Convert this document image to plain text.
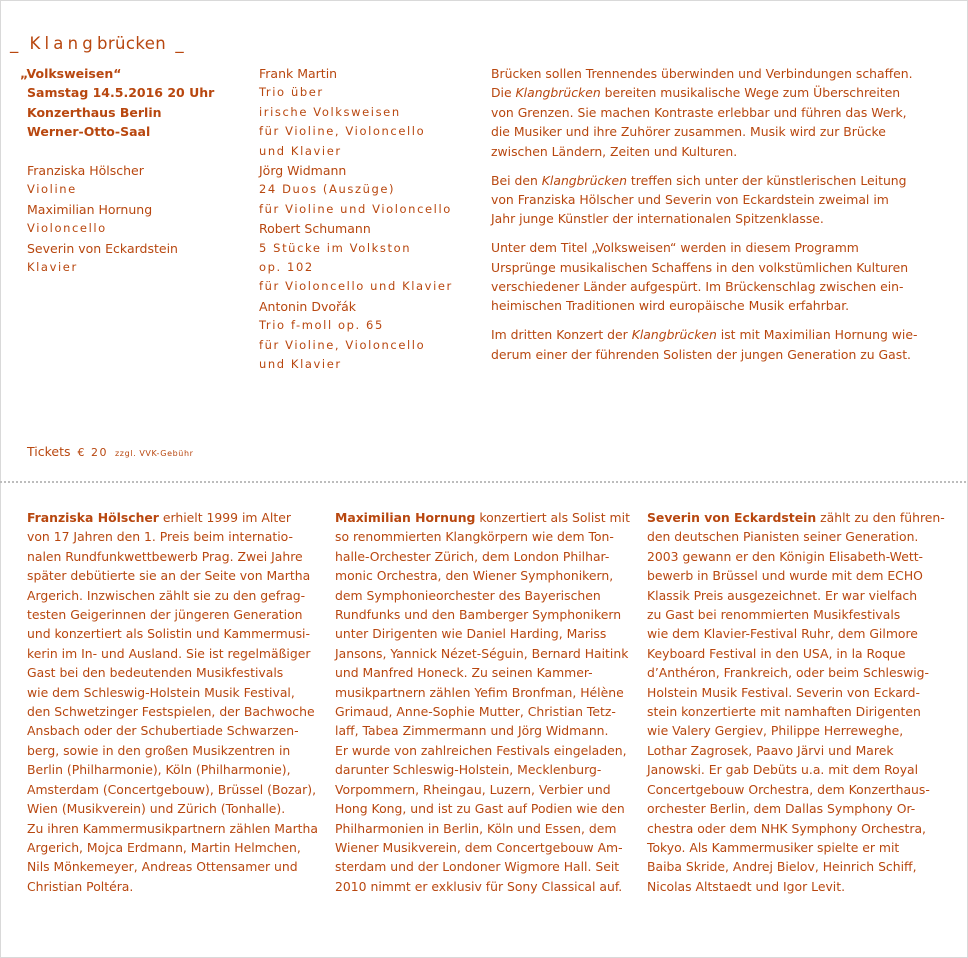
_ Klangbrücken _
„Volksweisen“
Samstag 14.5.2016 20 Uhr
Konzerthaus Berlin
Werner-Otto-Saal
Franziska Hölscher
Violine
Maximilian Hornung
Violoncello
Severin von Eckardstein
Klavier
Frank Martin
Trio über
irische Volksweisen
für Violine, Violoncello
und Klavier
Jörg Widmann
24 Duos (Auszüge)
für Violine und Violoncello
Robert Schumann
5 Stücke im Volkston
op. 102
für Violoncello und Klavier
Antonin Dvořák
Trio f-moll op. 65
für Violine, Violoncello
und Klavier
Brücken sollen Trennendes überwinden und Verbindungen schaffen.
Die Klangbrücken bereiten musikalische Wege zum Überschreiten
von Grenzen. Sie machen Kontraste erlebbar und führen das Werk,
die Musiker und ihre Zuhörer zusammen. Musik wird zur Brücke
zwischen Ländern, Zeiten und Kulturen.
Bei den Klangbrücken treffen sich unter der künstlerischen Leitung
von Franziska Hölscher und Severin von Eckardstein zweimal im
Jahr junge Künstler der internationalen Spitzenklasse.
Unter dem Titel „Volksweisen“ werden in diesem Programm
Ursprünge musikalischen Schaffens in den volkstümlichen Kulturen
verschiedener Länder aufgespürt. Im Brückenschlag zwischen ein-
heimischen Traditionen wird europäische Musik erfahrbar.
Im dritten Konzert der Klangbrücken ist mit Maximilian Hornung wie-
derum einer der führenden Solisten der jungen Generation zu Gast.
Tickets € 20 zzgl. VVK-Gebühr
Franziska Hölscher erhielt 1999 im Alter
von 17 Jahren den 1. Preis beim internatio-
nalen Rundfunkwettbewerb Prag. Zwei Jahre
später debütierte sie an der Seite von Martha
Argerich. Inzwischen zählt sie zu den gefrag-
testen Geigerinnen der jüngeren Generation
und konzertiert als Solistin und Kammermusi-
kerin im In- und Ausland. Sie ist regelmäßiger
Gast bei den bedeutenden Musikfestivals
wie dem Schleswig-Holstein Musik Festival,
den Schwetzinger Festspielen, der Bachwoche
Ansbach oder der Schubertiade Schwarzen-
berg, sowie in den großen Musikzentren in
Berlin (Philharmonie), Köln (Philharmonie),
Amsterdam (Concertgebouw), Brüssel (Bozar),
Wien (Musikverein) und Zürich (Tonhalle).
Zu ihren Kammermusikpartnern zählen Martha
Argerich, Mojca Erdmann, Martin Helmchen,
Nils Mönkemeyer, Andreas Ottensamer und
Christian Poltéra.
Maximilian Hornung konzertiert als Solist mit
so renommierten Klangkörpern wie dem Ton-
halle-Orchester Zürich, dem London Philhar-
monic Orchestra, den Wiener Symphonikern,
dem Symphonieorchester des Bayerischen
Rundfunks und den Bamberger Symphonikern
unter Dirigenten wie Daniel Harding, Mariss
Jansons, Yannick Nézet-Séguin, Bernard Haitink
und Manfred Honeck. Zu seinen Kammer-
musikpartnern zählen Yefim Bronfman, Hélène
Grimaud, Anne-Sophie Mutter, Christian Tetz-
laff, Tabea Zimmermann und Jörg Widmann.
Er wurde von zahlreichen Festivals eingeladen,
darunter Schleswig-Holstein, Mecklenburg-
Vorpommern, Rheingau, Luzern, Verbier und
Hong Kong, und ist zu Gast auf Podien wie den
Philharmonien in Berlin, Köln und Essen, dem
Wiener Musikverein, dem Concertgebouw Am-
sterdam und der Londoner Wigmore Hall. Seit
2010 nimmt er exklusiv für Sony Classical auf.
Severin von Eckardstein zählt zu den führen-
den deutschen Pianisten seiner Generation.
2003 gewann er den Königin Elisabeth-Wett-
bewerb in Brüssel und wurde mit dem ECHO
Klassik Preis ausgezeichnet. Er war vielfach
zu Gast bei renommierten Musikfestivals
wie dem Klavier-Festival Ruhr, dem Gilmore
Keyboard Festival in den USA, in la Roque
d’Anthéron, Frankreich, oder beim Schleswig-
Holstein Musik Festival. Severin von Eckard-
stein konzertierte mit namhaften Dirigenten
wie Valery Gergiev, Philippe Herreweghe,
Lothar Zagrosek, Paavo Järvi und Marek
Janowski. Er gab Debüts u.a. mit dem Royal
Concertgebouw Orchestra, dem Konzerthaus-
orchester Berlin, dem Dallas Symphony Or-
chestra oder dem NHK Symphony Orchestra,
Tokyo. Als Kammermusiker spielte er mit
Baiba Skride, Andrej Bielov, Heinrich Schiff,
Nicolas Altstaedt und Igor Levit.
